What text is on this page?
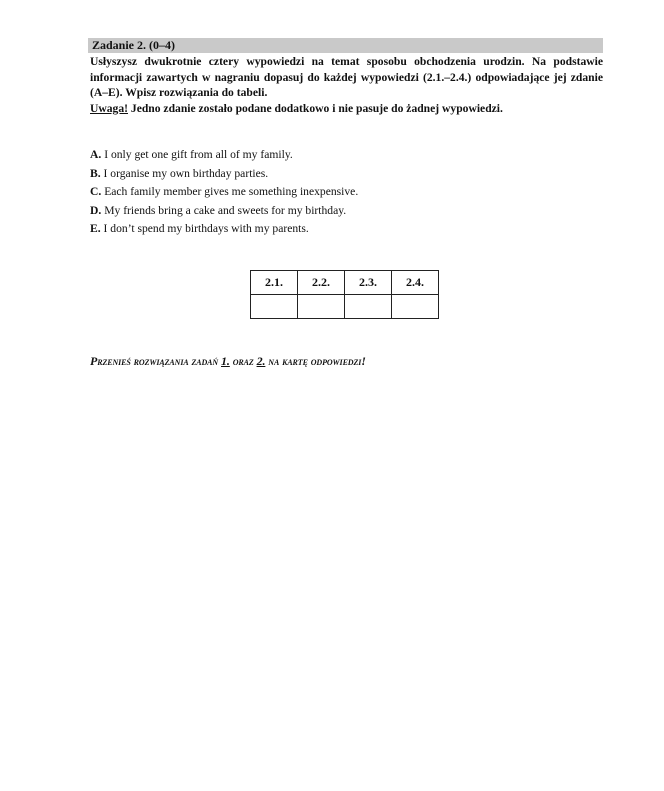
Zadanie 2. (0–4)

Usłyszysz dwukrotnie cztery wypowiedzi na temat sposobu obchodzenia urodzin. Na podstawie informacji zawartych w nagraniu dopasuj do każdej wypowiedzi (2.1.–2.4.) odpowiadające jej zdanie (A–E). Wpisz rozwiązania do tabeli.

Uwaga! Jedno zdanie zostało podane dodatkowo i nie pasuje do żadnej wypowiedzi.

A. I only get one gift from all of my family.
B. I organise my own birthday parties.
C. Each family member gives me something inexpensive.
D. My friends bring a cake and sweets for my birthday.
E. I don’t spend my birthdays with my parents.
2.1.	2.2.	2.3.	2.4.

Przenieś rozwiązania zadań 1. oraz 2. na kartę odpowiedzi!
